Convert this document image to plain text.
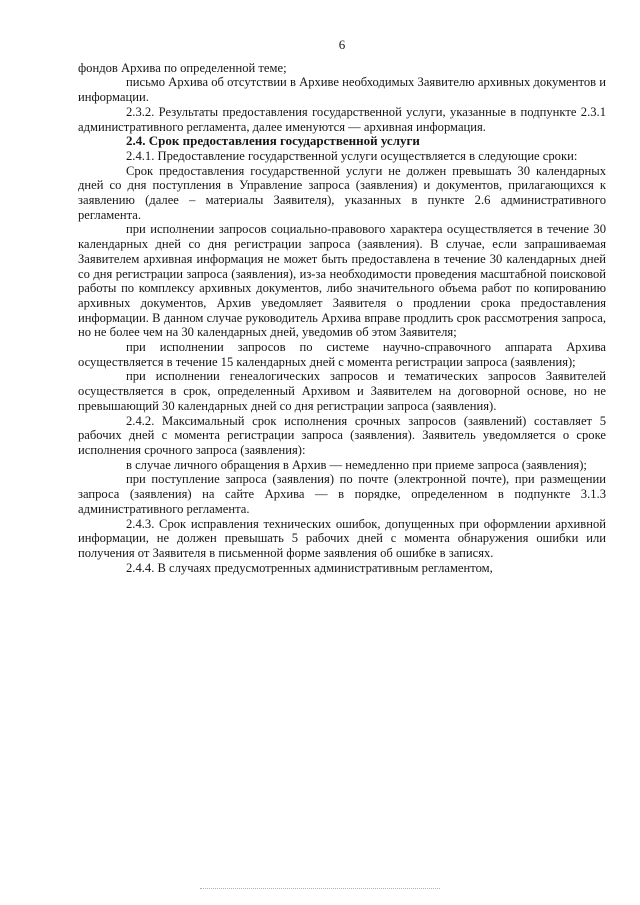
6

фондов Архива по определенной теме;

письмо Архива об отсутствии в Архиве необходимых Заявителю архивных документов и информации.

2.3.2. Результаты предоставления государственной услуги, указанные в подпункте 2.3.1 административного регламента, далее именуются — архивная информация.

2.4. Срок предоставления государственной услуги

2.4.1. Предоставление государственной услуги осуществляется в следующие сроки:

Срок предоставления государственной услуги не должен превышать 30 календарных дней со дня поступления в Управление запроса (заявления) и документов, прилагающихся к заявлению (далее – материалы Заявителя), указанных в пункте 2.6 административного регламента.

при исполнении запросов социально-правового характера осуществляется в течение 30 календарных дней со дня регистрации запроса (заявления). В случае, если запрашиваемая Заявителем архивная информация не может быть предоставлена в течение 30 календарных дней со дня регистрации запроса (заявления), из-за необходимости проведения масштабной поисковой работы по комплексу архивных документов, либо значительного объема работ по копированию архивных документов, Архив уведомляет Заявителя о продлении срока предоставления информации. В данном случае руководитель Архива вправе продлить срок рассмотрения запроса, но не более чем на 30 календарных дней, уведомив об этом Заявителя;

при исполнении запросов по системе научно-справочного аппарата Архива осуществляется в течение 15 календарных дней с момента регистрации запроса (заявления);

при исполнении генеалогических запросов и тематических запросов Заявителей осуществляется в срок, определенный Архивом и Заявителем на договорной основе, но не превышающий 30 календарных дней со дня регистрации запроса (заявления).

2.4.2. Максимальный срок исполнения срочных запросов (заявлений) составляет 5 рабочих дней с момента регистрации запроса (заявления). Заявитель уведомляется о сроке исполнения срочного запроса (заявления):

в случае личного обращения в Архив — немедленно при приеме запроса (заявления);

при поступление запроса (заявления) по почте (электронной почте), при размещении запроса (заявления) на сайте Архива — в порядке, определенном в подпункте 3.1.3 административного регламента.

2.4.3. Срок исправления технических ошибок, допущенных при оформлении архивной информации, не должен превышать 5 рабочих дней с момента обнаружения ошибки или получения от Заявителя в письменной форме заявления об ошибке в записях.

2.4.4. В случаях предусмотренных административным регламентом,
